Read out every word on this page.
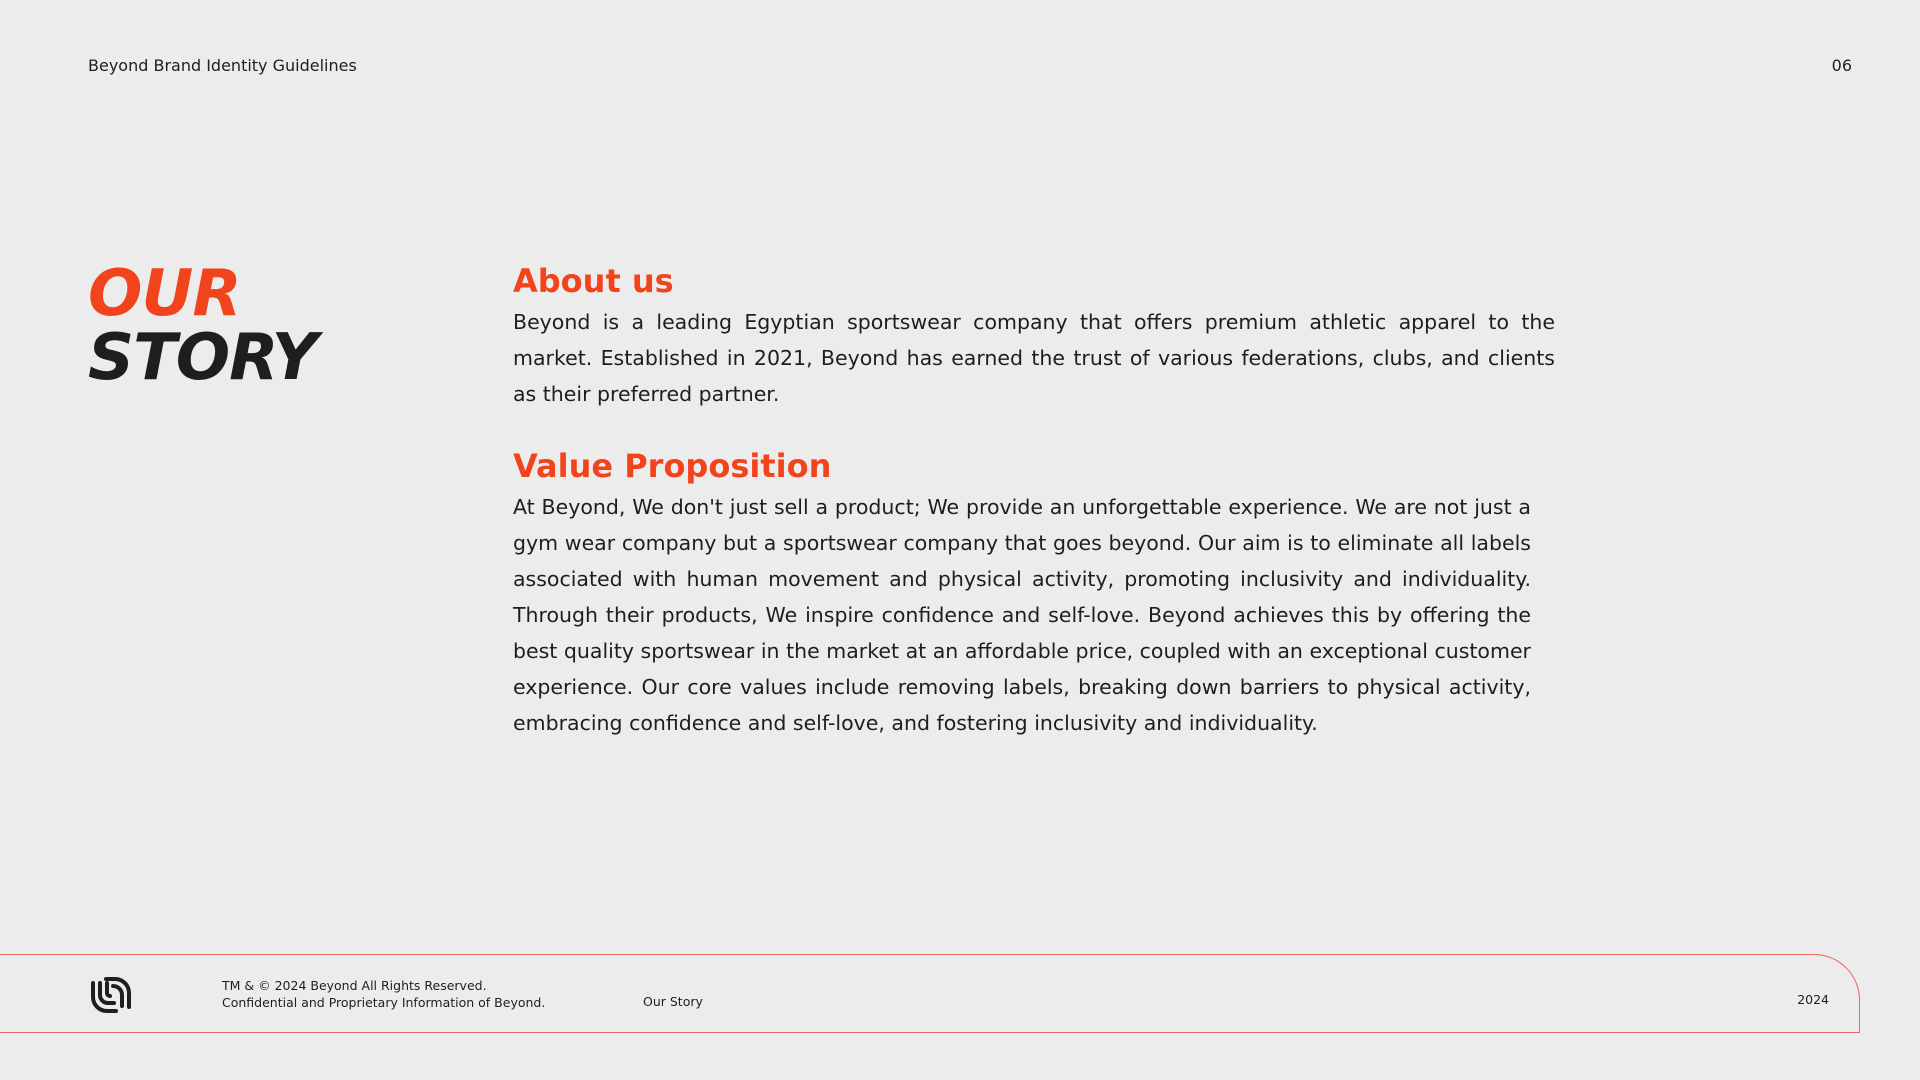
Beyond Brand Identity Guidelines	06
OUR
STORY
About us

Beyond is a leading Egyptian sportswear company that offers premium athletic apparel to the market. Established in 2021, Beyond has earned the trust of various federations, clubs, and clients as their preferred partner.

Value Proposition

At Beyond, We don't just sell a product; We provide an unforgettable experience. We are not just a gym wear company but a sportswear company that goes beyond. Our aim is to eliminate all labels associated with human movement and physical activity, promoting inclusivity and individuality. Through their products, We inspire confidence and self-love. Beyond achieves this by offering the best quality sportswear in the market at an affordable price, coupled with an exceptional customer experience. Our core values include removing labels, breaking down barriers to physical activity, embracing confidence and self-love, and fostering inclusivity and individuality.

TM & © 2024 Beyond All Rights Reserved.
Confidential and Proprietary Information of Beyond.	Our Story	2024
